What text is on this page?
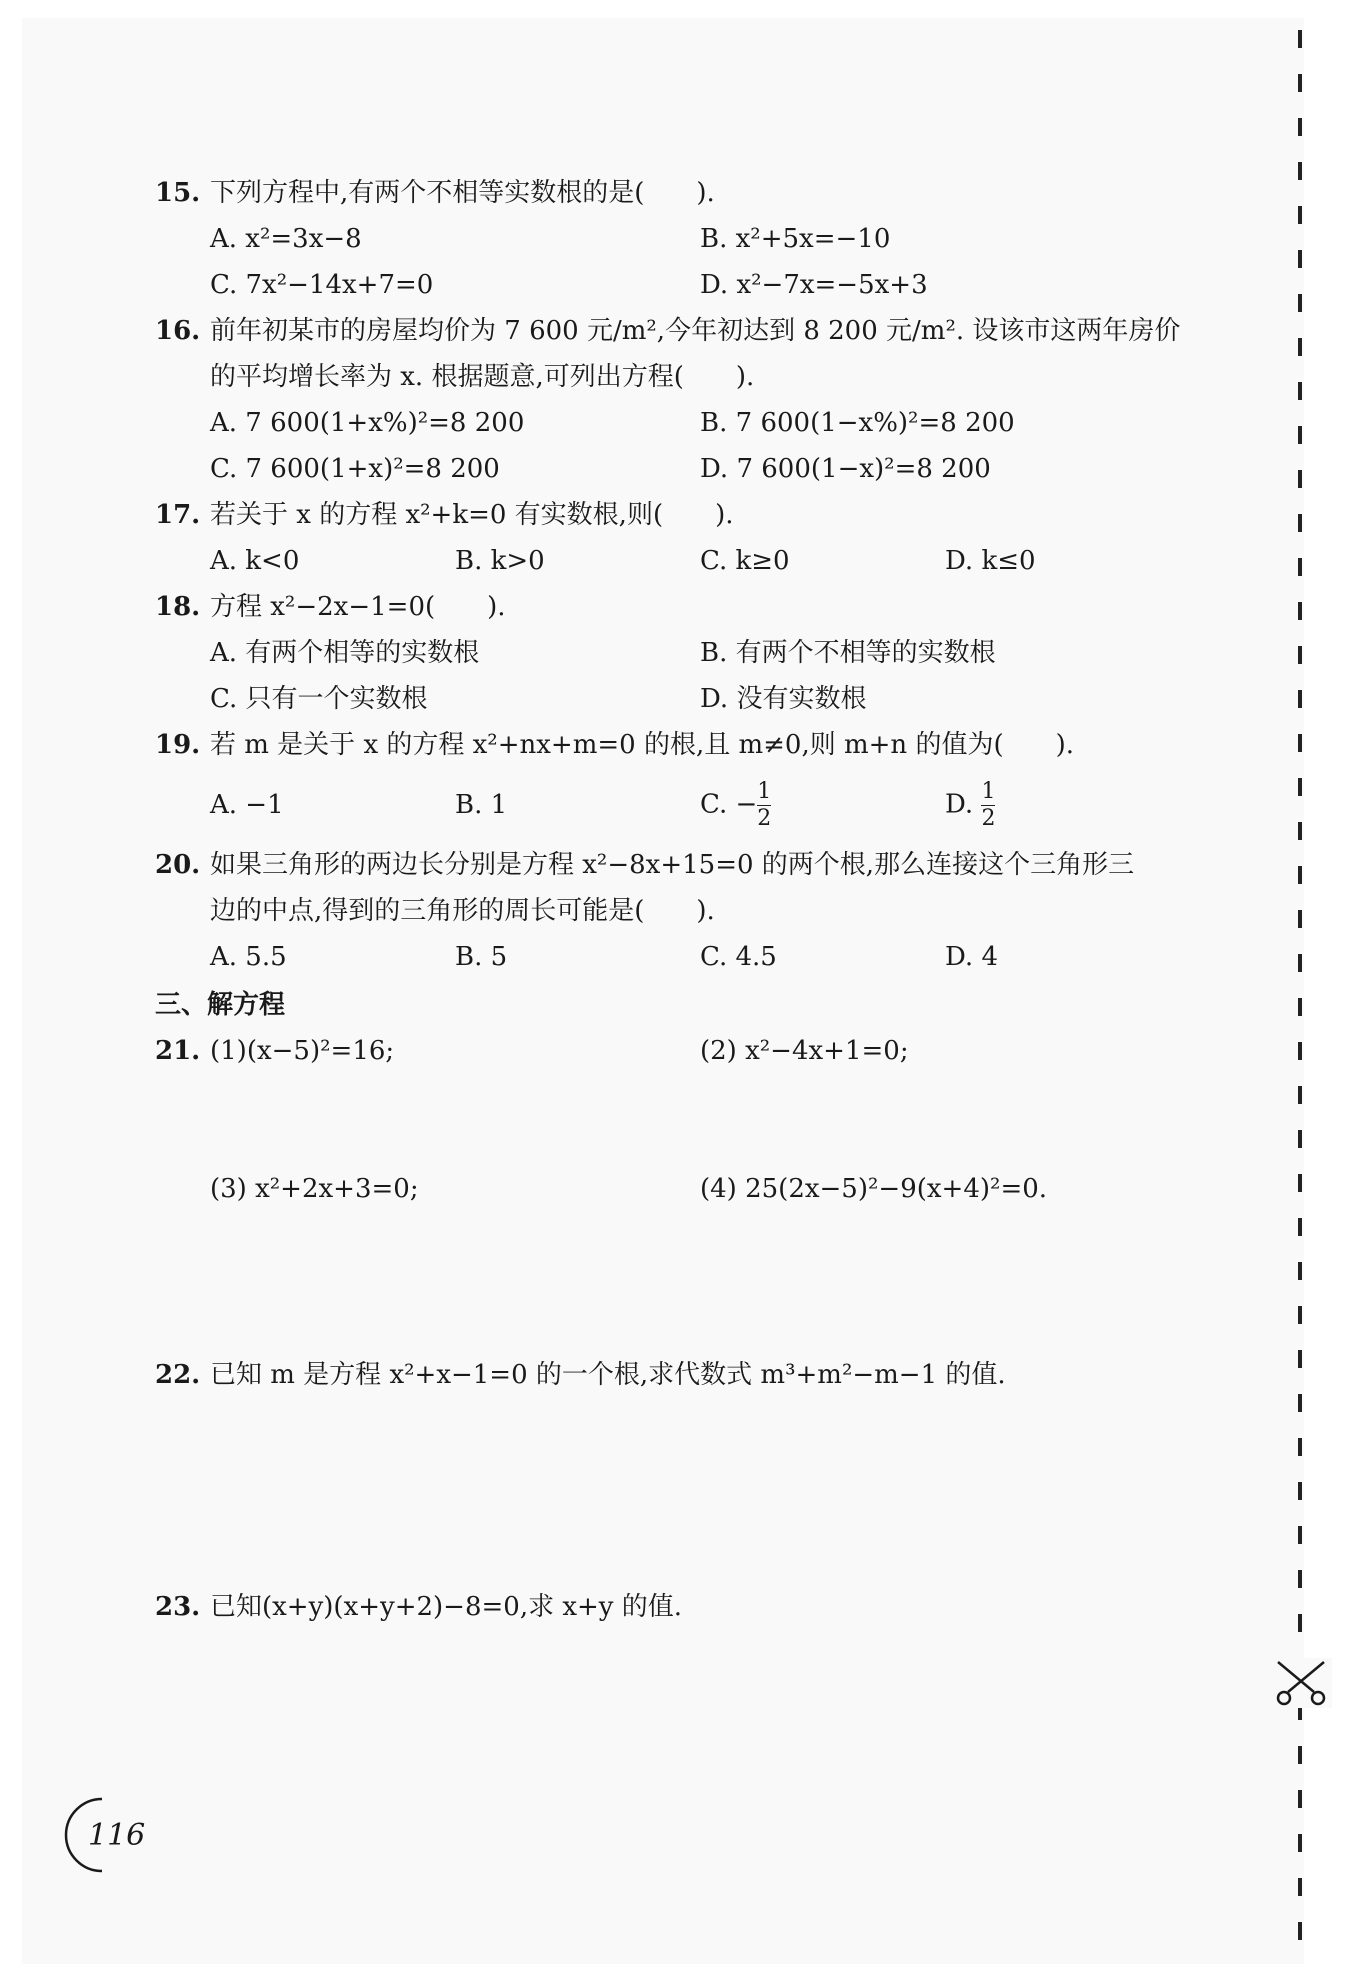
15. 下列方程中,有两个不相等实数根的是(　　).
A. x²=3x−8	B. x²+5x=−10
C. 7x²−14x+7=0	D. x²−7x=−5x+3
16. 前年初某市的房屋均价为 7 600 元/m²,今年初达到 8 200 元/m². 设该市这两年房价
的平均增长率为 x. 根据题意,可列出方程(　　).
A. 7 600(1+x%)²=8 200	B. 7 600(1−x%)²=8 200
C. 7 600(1+x)²=8 200	D. 7 600(1−x)²=8 200
17. 若关于 x 的方程 x²+k=0 有实数根,则(　　).
A. k<0	B. k>0	C. k≥0	D. k≤0
18. 方程 x²−2x−1=0(　　).
A. 有两个相等的实数根	B. 有两个不相等的实数根
C. 只有一个实数根	D. 没有实数根
19. 若 m 是关于 x 的方程 x²+nx+m=0 的根,且 m≠0,则 m+n 的值为(　　).
A. −1	B. 1	C. − $\frac{1}{2}$	D. $\frac{1}{2}$
20. 如果三角形的两边长分别是方程 x²−8x+15=0 的两个根,那么连接这个三角形三
边的中点,得到的三角形的周长可能是(　　).
A. 5.5	B. 5	C. 4.5	D. 4
三、解方程
21. (1)(x−5)²=16;	(2) x²−4x+1=0;
(3) x²+2x+3=0;	(4) 25(2x−5)²−9(x+4)²=0.
22. 已知 m 是方程 x²+x−1=0 的一个根,求代数式 m³+m²−m−1 的值.
23. 已知(x+y)(x+y+2)−8=0,求 x+y 的值.
116
